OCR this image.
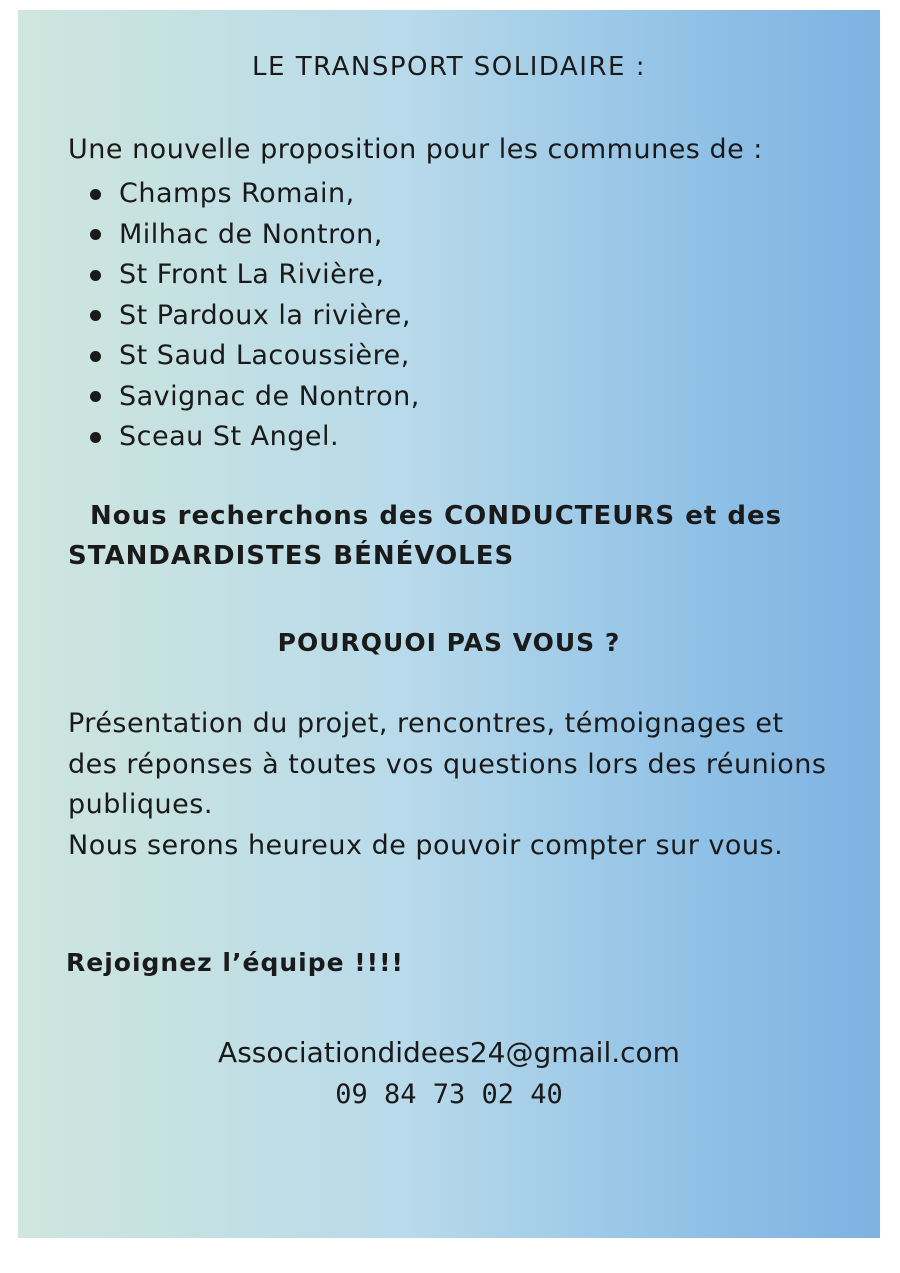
LE TRANSPORT SOLIDAIRE :
Une nouvelle proposition pour les communes de :
Champs Romain,
Milhac de Nontron,
St Front La Rivière,
St Pardoux la rivière,
St Saud Lacoussière,
Savignac de Nontron,
Sceau St Angel.
Nous recherchons des CONDUCTEURS et des
STANDARDISTES BÉNÉVOLES
POURQUOI PAS VOUS ?
Présentation du projet, rencontres, témoignages et des réponses à toutes vos questions lors des réunions publiques.
Nous serons heureux de pouvoir compter sur vous.
Rejoignez l’équipe !!!!
Associationdidees24@gmail.com
09 84 73 02 40
